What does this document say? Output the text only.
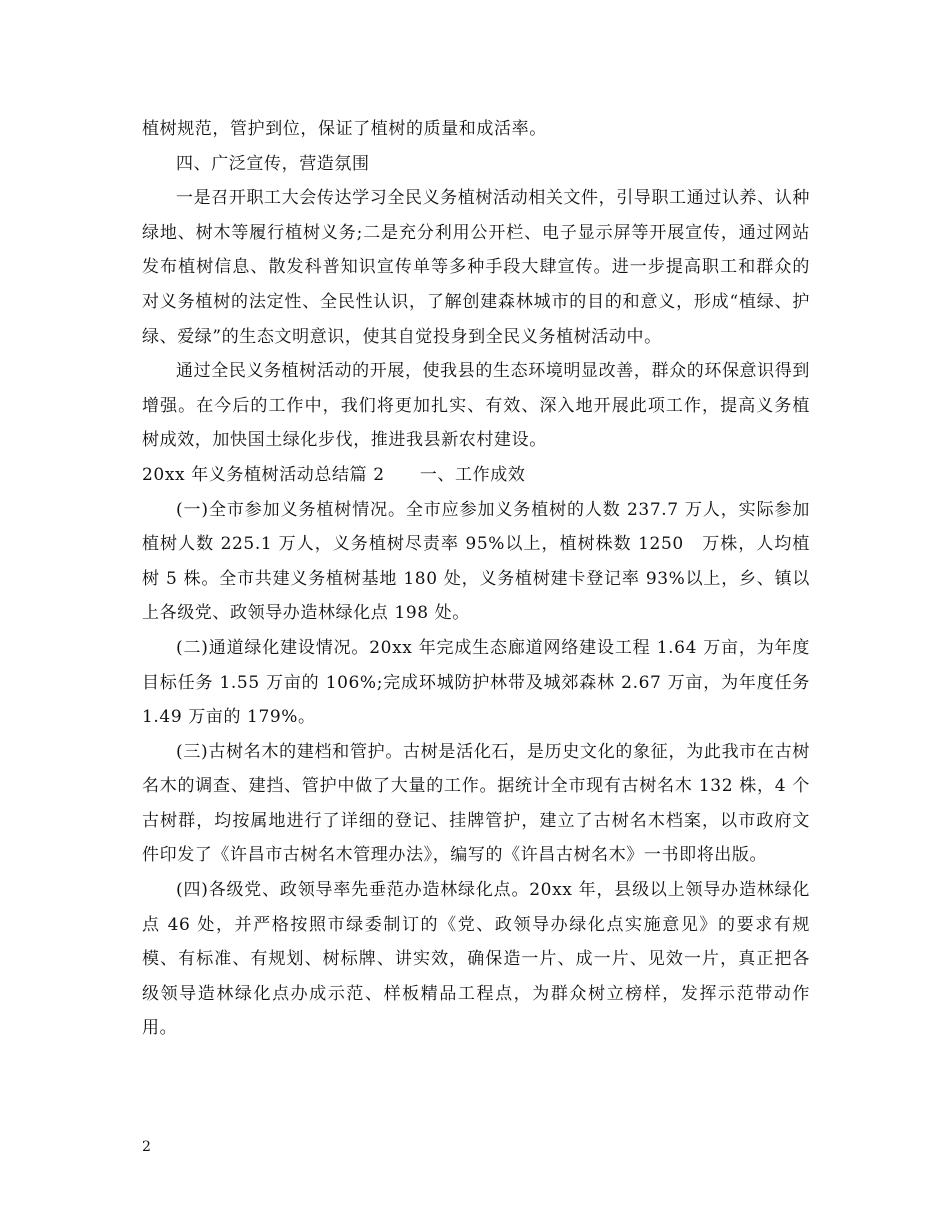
植树规范，管护到位，保证了植树的质量和成活率。

四、广泛宣传，营造氛围

一是召开职工大会传达学习全民义务植树活动相关文件，引导职工通过认养、认种绿地、树木等履行植树义务;二是充分利用公开栏、电子显示屏等开展宣传，通过网站发布植树信息、散发科普知识宣传单等多种手段大肆宣传。进一步提高职工和群众的对义务植树的法定性、全民性认识，了解创建森林城市的目的和意义，形成“植绿、护绿、爱绿”的生态文明意识，使其自觉投身到全民义务植树活动中。

通过全民义务植树活动的开展，使我县的生态环境明显改善，群众的环保意识得到增强。在今后的工作中，我们将更加扎实、有效、深入地开展此项工作，提高义务植树成效，加快国土绿化步伐，推进我县新农村建设。

20xx 年义务植树活动总结篇 2　　一、工作成效

(一)全市参加义务植树情况。全市应参加义务植树的人数 237.7 万人，实际参加植树人数 225.1 万人，义务植树尽责率 95%以上，植树株数 1250　万株，人均植树 5 株。全市共建义务植树基地 180 处，义务植树建卡登记率 93%以上，乡、镇以上各级党、政领导办造林绿化点 198 处。

(二)通道绿化建设情况。20xx 年完成生态廊道网络建设工程 1.64 万亩，为年度目标任务 1.55 万亩的 106%;完成环城防护林带及城郊森林 2.67 万亩，为年度任务 1.49 万亩的 179%。

(三)古树名木的建档和管护。古树是活化石，是历史文化的象征，为此我市在古树名木的调查、建挡、管护中做了大量的工作。据统计全市现有古树名木 132 株，4 个古树群，均按属地进行了详细的登记、挂牌管护，建立了古树名木档案，以市政府文件印发了《许昌市古树名木管理办法》，编写的《许昌古树名木》一书即将出版。

(四)各级党、政领导率先垂范办造林绿化点。20xx 年，县级以上领导办造林绿化点 46 处，并严格按照市绿委制订的《党、政领导办绿化点实施意见》的要求有规模、有标准、有规划、树标牌、讲实效，确保造一片、成一片、见效一片，真正把各级领导造林绿化点办成示范、样板精品工程点，为群众树立榜样，发挥示范带动作用。

2
